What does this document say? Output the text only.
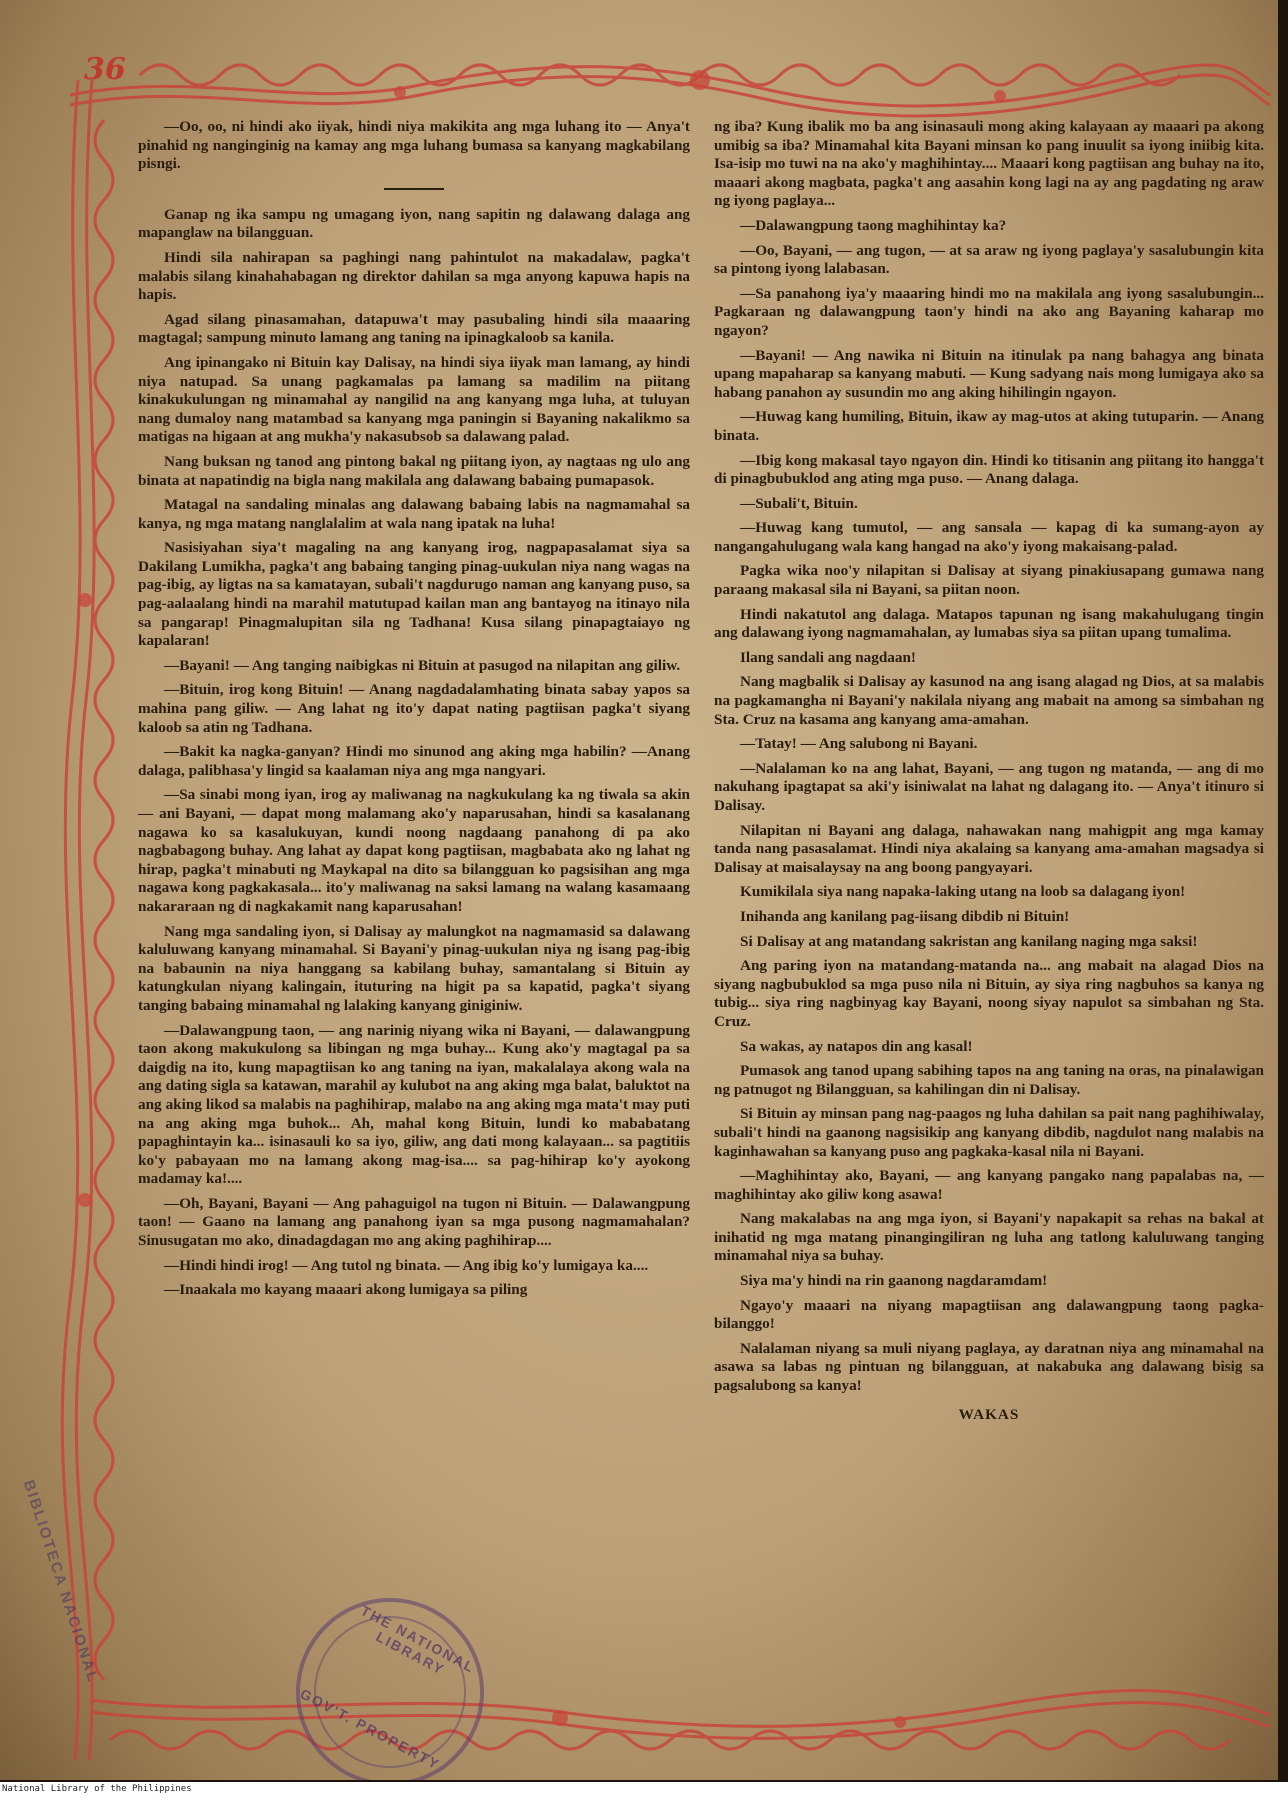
36

—Oo, oo, ni hindi ako iiyak, hindi niya makikita ang mga luhang ito — Anya't pinahid ng nanginginig na kamay ang mga luhang bumasa sa kanyang magkabilang pisngi.

Ganap ng ika sampu ng umagang iyon, nang sapitin ng dalawang dalaga ang mapanglaw na bilangguan.

Hindi sila nahirapan sa paghingi nang pahintulot na makadalaw, pagka't malabis silang kinahahabagan ng direktor dahilan sa mga anyong kapuwa hapis na hapis.

Agad silang pinasamahan, datapuwa't may pasubaling hindi sila maaaring magtagal; sampung minuto lamang ang taning na ipinagkaloob sa kanila.

Ang ipinangako ni Bituin kay Dalisay, na hindi siya iiyak man lamang, ay hindi niya natupad. Sa unang pagkamalas pa lamang sa madilim na piitang kinakukulungan ng minamahal ay nangilid na ang kanyang mga luha, at tuluyan nang dumaloy nang matambad sa kanyang mga paningin si Bayaning nakalikmo sa matigas na higaan at ang mukha'y nakasubsob sa dalawang palad.

Nang buksan ng tanod ang pintong bakal ng piitang iyon, ay nagtaas ng ulo ang binata at napatindig na bigla nang makilala ang dalawang babaing pumapasok.

Matagal na sandaling minalas ang dalawang babaing labis na nagmamahal sa kanya, ng mga matang nanglalalim at wala nang ipatak na luha!

Nasisiyahan siya't magaling na ang kanyang irog, nagpapasalamat siya sa Dakilang Lumikha, pagka't ang babaing tanging pinag-uukulan niya nang wagas na pag-ibig, ay ligtas na sa kamatayan, subali't nagdurugo naman ang kanyang puso, sa pag-aalaalang hindi na marahil matutupad kailan man ang bantayog na itinayo nila sa pangarap! Pinagmalupitan sila ng Tadhana! Kusa silang pinapagtaiayo ng kapalaran!

—Bayani! — Ang tanging naibigkas ni Bituin at pasugod na nilapitan ang giliw.

—Bituin, irog kong Bituin! — Anang nagdadalamhating binata sabay yapos sa mahina pang giliw. — Ang lahat ng ito'y dapat nating pagtiisan pagka't siyang kaloob sa atin ng Tadhana.

—Bakit ka nagka-ganyan? Hindi mo sinunod ang aking mga habilin? —Anang dalaga, palibhasa'y lingid sa kaalaman niya ang mga nangyari.

—Sa sinabi mong iyan, irog ay maliwanag na nagkukulang ka ng tiwala sa akin — ani Bayani, — dapat mong malamang ako'y naparusahan, hindi sa kasalanang nagawa ko sa kasalukuyan, kundi noong nagdaang panahong di pa ako nagbabagong buhay. Ang lahat ay dapat kong pagtiisan, magbabata ako ng lahat ng hirap, pagka't minabuti ng Maykapal na dito sa bilangguan ko pagsisihan ang mga nagawa kong pagkakasala... ito'y maliwanag na saksi lamang na walang kasamaang nakararaan ng di nagkakamit nang kaparusahan!

Nang mga sandaling iyon, si Dalisay ay malungkot na nagmamasid sa dalawang kaluluwang kanyang minamahal. Si Bayani'y pinag-uukulan niya ng isang pag-ibig na babaunin na niya hanggang sa kabilang buhay, samantalang si Bituin ay katungkulan niyang kalingain, ituturing na higit pa sa kapatid, pagka't siyang tanging babaing minamahal ng lalaking kanyang giniginiw.

—Dalawangpung taon, — ang narinig niyang wika ni Bayani, — dalawangpung taon akong makukulong sa libingan ng mga buhay... Kung ako'y magtagal pa sa daigdig na ito, kung mapagtiisan ko ang taning na iyan, makalalaya akong wala na ang dating sigla sa katawan, marahil ay kulubot na ang aking mga balat, baluktot na ang aking likod sa malabis na paghihirap, malabo na ang aking mga mata't may puti na ang aking mga buhok... Ah, mahal kong Bituin, lundi ko mababatang papaghintayin ka... isinasauli ko sa iyo, giliw, ang dati mong kalayaan... sa pagtitiis ko'y pabayaan mo na lamang akong mag-isa.... sa pag-hihirap ko'y ayokong madamay ka!....

—Oh, Bayani, Bayani — Ang pahaguigol na tugon ni Bituin. — Dalawangpung taon! — Gaano na lamang ang panahong iyan sa mga pusong nagmamahalan? Sinusugatan mo ako, dinadagdagan mo ang aking paghihirap....

—Hindi hindi irog! — Ang tutol ng binata. — Ang ibig ko'y lumigaya ka....

—Inaakala mo kayang maaari akong lumigaya sa piling

ng iba? Kung ibalik mo ba ang isinasauli mong aking kalayaan ay maaari pa akong umibig sa iba? Minamahal kita Bayani minsan ko pang inuulit sa iyong iniibig kita. Isa-isip mo tuwi na na ako'y maghihintay.... Maaari kong pagtiisan ang buhay na ito, maaari akong magbata, pagka't ang aasahin kong lagi na ay ang pagdating ng araw ng iyong paglaya...

—Dalawangpung taong maghihintay ka?

—Oo, Bayani, — ang tugon, — at sa araw ng iyong paglaya'y sasalubungin kita sa pintong iyong lalabasan.

—Sa panahong iya'y maaaring hindi mo na makilala ang iyong sasalubungin... Pagkaraan ng dalawangpung taon'y hindi na ako ang Bayaning kaharap mo ngayon?

—Bayani! — Ang nawika ni Bituin na itinulak pa nang bahagya ang binata upang mapaharap sa kanyang mabuti. — Kung sadyang nais mong lumigaya ako sa habang panahon ay susundin mo ang aking hihilingin ngayon.

—Huwag kang humiling, Bituin, ikaw ay mag-utos at aking tutuparin. — Anang binata.

—Ibig kong makasal tayo ngayon din. Hindi ko titisanin ang piitang ito hangga't di pinagbubuklod ang ating mga puso. — Anang dalaga.

—Subali't, Bituin.

—Huwag kang tumutol, — ang sansala — kapag di ka sumang-ayon ay nangangahulugang wala kang hangad na ako'y iyong makaisang-palad.

Pagka wika noo'y nilapitan si Dalisay at siyang pinakiusapang gumawa nang paraang makasal sila ni Bayani, sa piitan noon.

Hindi nakatutol ang dalaga. Matapos tapunan ng isang makahulugang tingin ang dalawang iyong nagmamahalan, ay lumabas siya sa piitan upang tumalima.

Ilang sandali ang nagdaan!

Nang magbalik si Dalisay ay kasunod na ang isang alagad ng Dios, at sa malabis na pagkamangha ni Bayani'y nakilala niyang ang mabait na among sa simbahan ng Sta. Cruz na kasama ang kanyang ama-amahan.

—Tatay! — Ang salubong ni Bayani.

—Nalalaman ko na ang lahat, Bayani, — ang tugon ng matanda, — ang di mo nakuhang ipagtapat sa aki'y isiniwalat na lahat ng dalagang ito. — Anya't itinuro si Dalisay.

Nilapitan ni Bayani ang dalaga, nahawakan nang mahigpit ang mga kamay tanda nang pasasalamat. Hindi niya akalaing sa kanyang ama-amahan magsadya si Dalisay at maisalaysay na ang boong pangyayari.

Kumikilala siya nang napaka-laking utang na loob sa dalagang iyon!

Inihanda ang kanilang pag-iisang dibdib ni Bituin!

Si Dalisay at ang matandang sakristan ang kanilang naging mga saksi!

Ang paring iyon na matandang-matanda na... ang mabait na alagad Dios na siyang nagbubuklod sa mga puso nila ni Bituin, ay siya ring nagbuhos sa kanya ng tubig... siya ring nagbinyag kay Bayani, noong siyay napulot sa simbahan ng Sta. Cruz.

Sa wakas, ay natapos din ang kasal!

Pumasok ang tanod upang sabihing tapos na ang taning na oras, na pinalawigan ng patnugot ng Bilangguan, sa kahilingan din ni Dalisay.

Si Bituin ay minsan pang nag-paagos ng luha dahilan sa pait nang paghihiwalay, subali't hindi na gaanong nagsisikip ang kanyang dibdib, nagdulot nang malabis na kaginhawahan sa kanyang puso ang pagkaka-kasal nila ni Bayani.

—Maghihintay ako, Bayani, — ang kanyang pangako nang papalabas na, — maghihintay ako giliw kong asawa!

Nang makalabas na ang mga iyon, si Bayani'y napakapit sa rehas na bakal at inihatid ng mga matang pinangingiliran ng luha ang tatlong kaluluwang tanging minamahal niya sa buhay.

Siya ma'y hindi na rin gaanong nagdaramdam!

Ngayo'y maaari na niyang mapagtiisan ang dalawangpung taong pagka-bilanggo!

Nalalaman niyang sa muli niyang paglaya, ay daratnan niya ang minamahal na asawa sa labas ng pintuan ng bilangguan, at nakabuka ang dalawang bisig sa pagsalubong sa kanya!

WAKAS

THE NATIONAL LIBRARY
GOV'T. PROPERTY
BIBLIOTECA NACIONAL
National Library of the Philippines
